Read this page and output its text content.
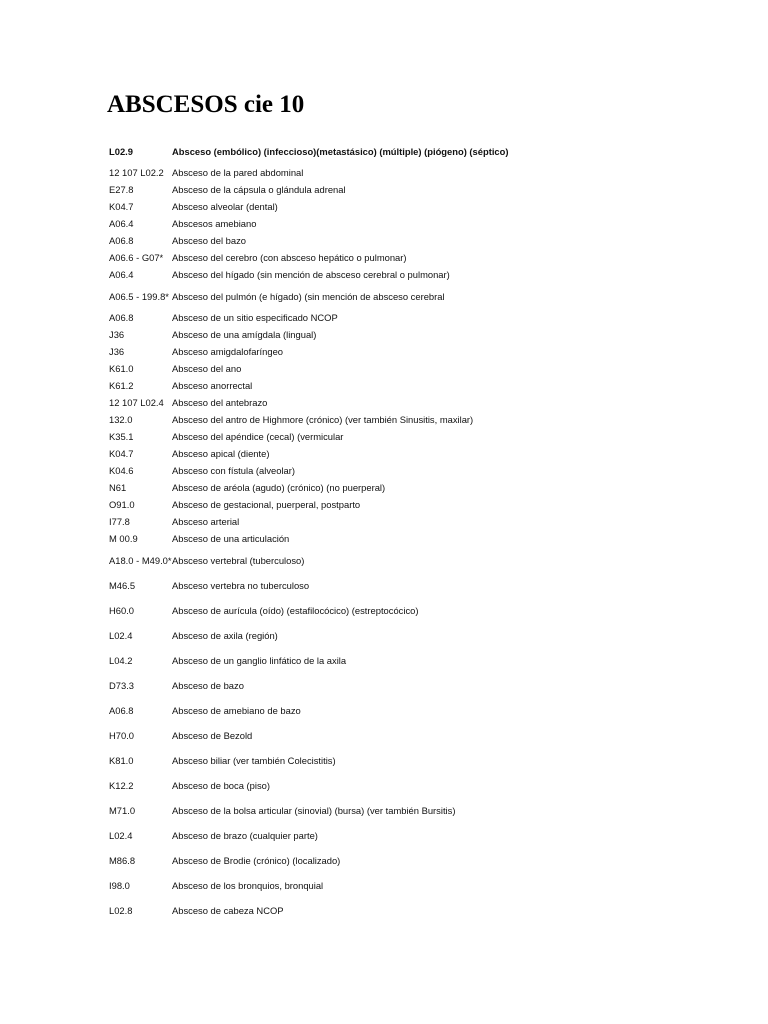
ABSCESOS cie 10
L02.9	Absceso (embólico) (infeccioso)(metastásico) (múltiple) (piógeno) (séptico)
12 107 L02.2	Absceso de la pared abdominal
E27.8	Absceso de la cápsula o glándula adrenal
K04.7	Absceso alveolar (dental)
A06.4	Abscesos amebiano
A06.8	Absceso del bazo
A06.6 - G07*	Absceso del cerebro (con absceso hepático o pulmonar)
A06.4	Absceso del hígado (sin mención de absceso cerebral o pulmonar)
A06.5 - 199.8*	Absceso del pulmón (e hígado) (sin mención de absceso cerebral
A06.8	Absceso de un sitio especificado NCOP
J36	Absceso de una amígdala (lingual)
J36	Absceso amigdalofaríngeo
K61.0	Absceso del ano
K61.2	Absceso anorrectal
12 107 L02.4	Absceso del antebrazo
132.0	Absceso del antro de Highmore (crónico) (ver también Sinusitis, maxilar)
K35.1	Absceso del apéndice (cecal) (vermicular
K04.7	Absceso apical (diente)
K04.6	Absceso con fístula (alveolar)
N61	Absceso de aréola (agudo) (crónico) (no puerperal)
O91.0	Absceso de gestacional, puerperal, postparto
I77.8	Absceso arterial
M 00.9	Absceso de una articulación
A18.0 - M49.0*	Absceso vertebral (tuberculoso)
M46.5	Absceso vertebra no tuberculoso
H60.0	Absceso de aurícula (oído) (estafilocócico) (estreptocócico)
L02.4	Absceso de axila (región)
L04.2	Absceso de un ganglio linfático de la axila
D73.3	Absceso de bazo
A06.8	Absceso de amebiano de bazo
H70.0	Absceso de Bezold
K81.0	Absceso biliar (ver también Colecistitis)
K12.2	Absceso de boca (piso)
M71.0	Absceso de la bolsa articular (sinovial) (bursa) (ver también Bursitis)
L02.4	Absceso de brazo (cualquier parte)
M86.8	Absceso de Brodie (crónico) (localizado)
I98.0	Absceso de los bronquios, bronquial
L02.8	Absceso de cabeza NCOP
